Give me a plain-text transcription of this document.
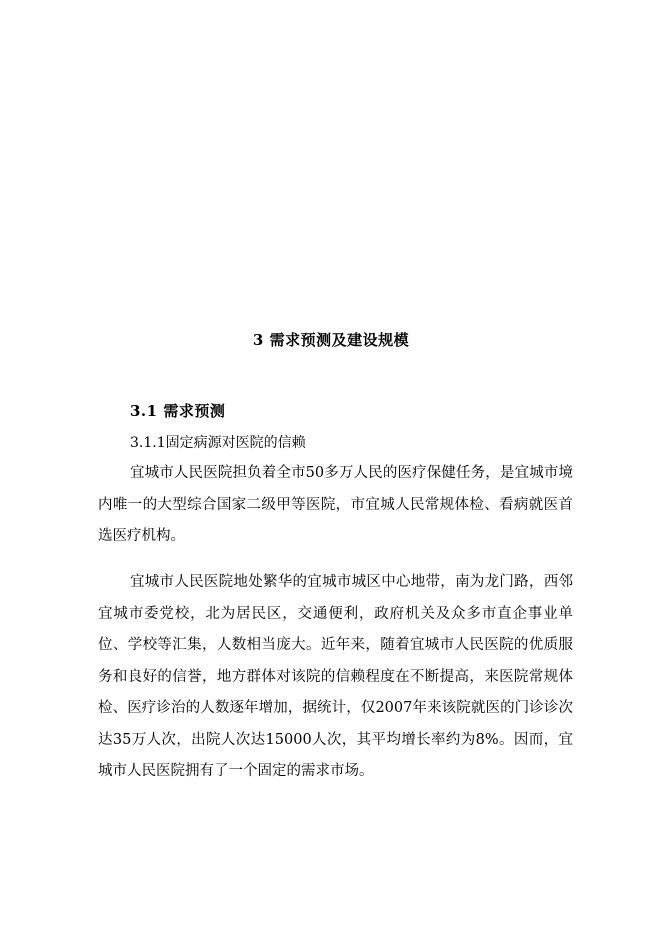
3 需求预测及建设规模
3.1 需求预测
3.1.1固定病源对医院的信赖

宜城市人民医院担负着全市50多万人民的医疗保健任务，是宜城市境内唯一的大型综合国家二级甲等医院，市宜城人民常规体检、看病就医首选医疗机构。

宜城市人民医院地处繁华的宜城市城区中心地带，南为龙门路，西邻宜城市委党校，北为居民区，交通便利，政府机关及众多市直企事业单位、学校等汇集，人数相当庞大。近年来，随着宜城市人民医院的优质服务和良好的信誉，地方群体对该院的信赖程度在不断提高，来医院常规体检、医疗诊治的人数逐年增加，据统计，仅2007年来该院就医的门诊诊次达35万人次，出院人次达15000人次，其平均增长率约为8%。因而，宜城市人民医院拥有了一个固定的需求市场。
